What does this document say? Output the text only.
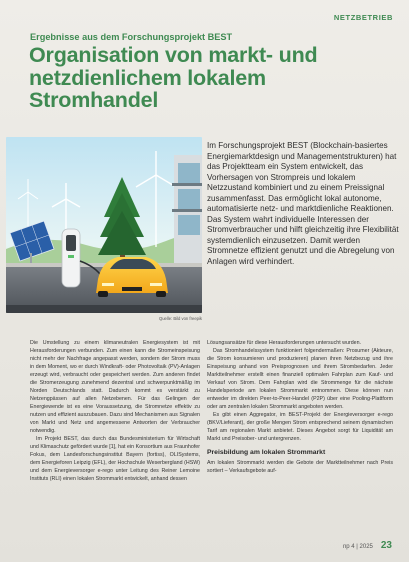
NETZBETRIEB
Ergebnisse aus dem Forschungsprojekt BEST
Organisation von markt- und netzdienlichem lokalem Stromhandel
Quelle: Bild von freepik
Im Forschungsprojekt BEST (Blockchain-basiertes Energiemarktdesign und Managementstrukturen) hat das Projektteam ein System entwickelt, das Vorhersagen von Strompreis und lokalem Netzzustand kombiniert und zu einem Preissignal zusammenfasst. Das ermöglicht lokal autonome, automatisierte netz- und marktdienliche Reaktionen. Das System wahrt individuelle Interessen der Stromverbraucher und hilft gleichzeitig ihre Flexibilität systemdienlich einzusetzen. Damit werden Stromnetze effizient genutzt und die Abregelung von Anlagen wird verhindert.

Die Umstellung zu einem klimaneutralen Energiesystem ist mit Herausforderungen verbunden. Zum einen kann die Stromeinspeisung nicht mehr der Nachfrage angepasst werden, sondern der Strom muss in dem Moment, wo er durch Windkraft- oder Photovoltaik (PV)-Anlagen erzeugt wird, verbraucht oder gespeichert werden. Zum anderen findet die Stromerzeugung zunehmend dezentral und schwerpunktmäßig im Norden Deutschlands statt. Dadurch kommt es verstärkt zu Netzengpässen auf allen Netzebenen. Für das Gelingen der Energiewende ist es eine Voraussetzung, die Stromnetze effektiv zu nutzen und effizient auszubauen. Dazu sind Mechanismen aus Signalen von Markt und Netz und angemessene Antworten der Verbraucher notwendig.

Im Projekt BEST, das durch das Bundesministerium für Wirtschaft und Klimaschutz gefördert wurde [1], hat ein Konsortium aus Fraunhofer Fokus, dem Landesforschungsinstitut Bayern (fortiss), OLISystems, dem Energieforen Leipzig (EFL), der Hochschule Weserbergland (HSW) und dem Energieversorger e-rego unter Leitung des Reiner Lemoine Instituts (RLI) einen lokalen Strommarkt entwickelt, anhand dessen

Lösungsansätze für diese Herausforderungen untersucht wurden.

Das Stromhandelssystem funktioniert folgendermaßen: Prosumer (Akteure, die Strom konsumieren und produzieren) planen ihren Netzbezug und ihre Einspeisung anhand von Preisprognosen und ihrem Strombedarfen. Jeder Marktteilnehmer erstellt einen finanziell optimalen Fahrplan zum Kauf- und Verkauf von Strom. Dem Fahrplan wird die Strommenge für die nächste Handelsperiode am lokalen Strommarkt entnommen. Diese können nun entweder im direkten Peer-to-Peer-Handel (P2P) über eine Pooling-Plattform oder am zentralen lokalen Strommarkt angeboten werden.

Es gibt einen Aggregator, im BEST-Projekt der Energieversorger e-rego (BKV/Lieferant), der große Mengen Strom entsprechend seinem dynamischen Tarif am regionalen Markt anbietet. Dieses Angebot sorgt für Liquidität am Markt und Preisober- und untergrenzen.

Preisbildung am lokalen Strommarkt

Am lokalen Strommarkt werden die Gebote der Marktteilnehmer nach Preis sortiert – Verkaufsgebote auf-

np 4 | 2025 23
